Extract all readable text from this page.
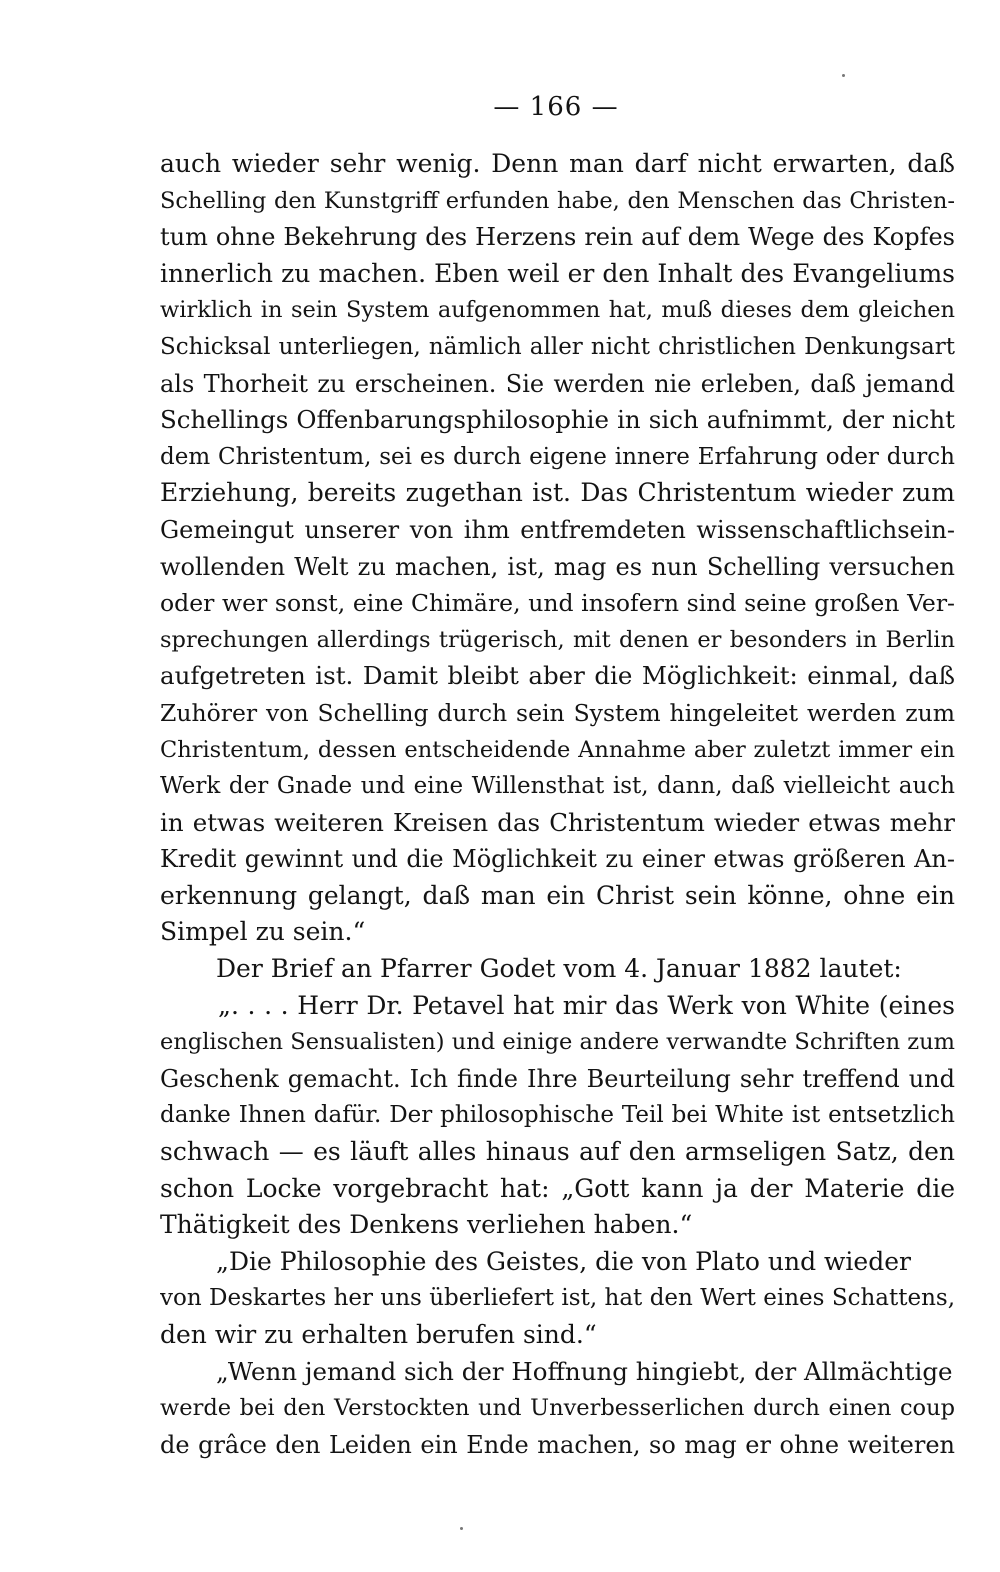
— 166 —
auch wieder sehr wenig. Denn man darf nicht erwarten, daß
Schelling den Kunstgriff erfunden habe, den Menschen das Christen-
tum ohne Bekehrung des Herzens rein auf dem Wege des Kopfes
innerlich zu machen. Eben weil er den Inhalt des Evangeliums
wirklich in sein System aufgenommen hat, muß dieses dem gleichen
Schicksal unterliegen, nämlich aller nicht christlichen Denkungsart
als Thorheit zu erscheinen. Sie werden nie erleben, daß jemand
Schellings Offenbarungsphilosophie in sich aufnimmt, der nicht
dem Christentum, sei es durch eigene innere Erfahrung oder durch
Erziehung, bereits zugethan ist. Das Christentum wieder zum
Gemeingut unserer von ihm entfremdeten wissenschaftlichsein-
wollenden Welt zu machen, ist, mag es nun Schelling versuchen
oder wer sonst, eine Chimäre, und insofern sind seine großen Ver-
sprechungen allerdings trügerisch, mit denen er besonders in Berlin
aufgetreten ist. Damit bleibt aber die Möglichkeit: einmal, daß
Zuhörer von Schelling durch sein System hingeleitet werden zum
Christentum, dessen entscheidende Annahme aber zuletzt immer ein
Werk der Gnade und eine Willensthat ist, dann, daß vielleicht auch
in etwas weiteren Kreisen das Christentum wieder etwas mehr
Kredit gewinnt und die Möglichkeit zu einer etwas größeren An-
erkennung gelangt, daß man ein Christ sein könne, ohne ein
Simpel zu sein.“
Der Brief an Pfarrer Godet vom 4. Januar 1882 lautet:
„. . . . Herr Dr. Petavel hat mir das Werk von White (eines
englischen Sensualisten) und einige andere verwandte Schriften zum
Geschenk gemacht. Ich finde Ihre Beurteilung sehr treffend und
danke Ihnen dafür. Der philosophische Teil bei White ist entsetzlich
schwach — es läuft alles hinaus auf den armseligen Satz, den
schon Locke vorgebracht hat: „Gott kann ja der Materie die
Thätigkeit des Denkens verliehen haben.“
„Die Philosophie des Geistes, die von Plato und wieder
von Deskartes her uns überliefert ist, hat den Wert eines Schattens,
den wir zu erhalten berufen sind.“
„Wenn jemand sich der Hoffnung hingiebt, der Allmächtige
werde bei den Verstockten und Unverbesserlichen durch einen coup
de grâce den Leiden ein Ende machen, so mag er ohne weiteren
